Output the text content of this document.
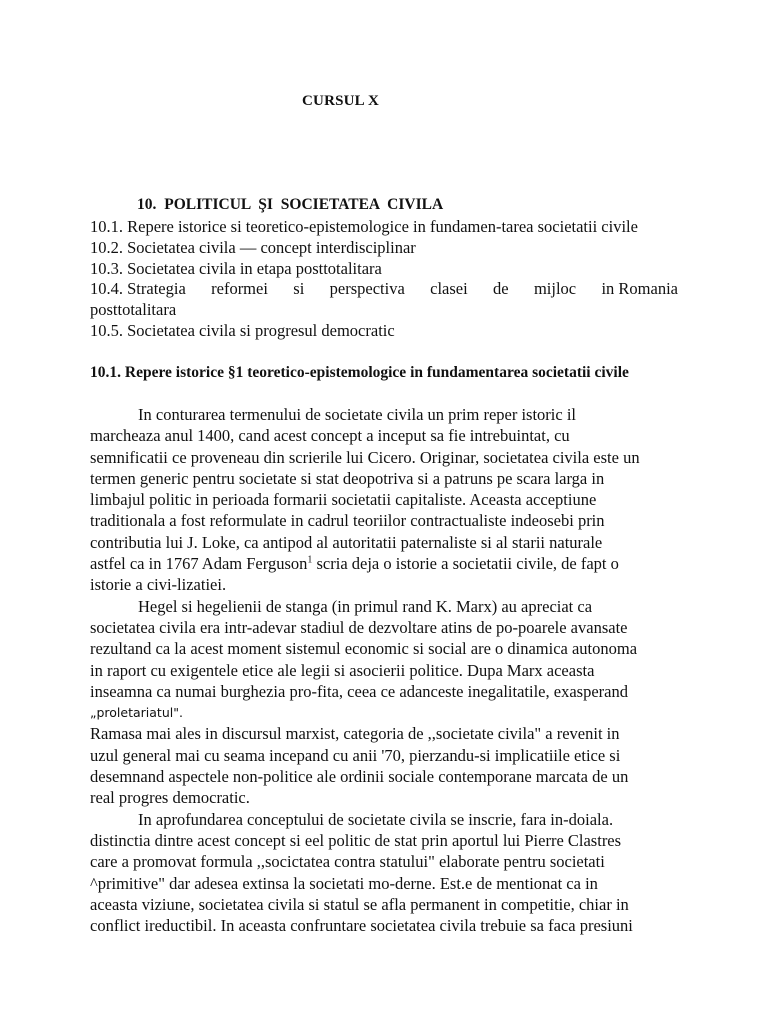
CURSUL X
10. POLITICUL ŞI SOCIETATEA CIVILA
10.1. Repere istorice si teoretico-epistemologice in fundamen-tarea societatii civile
10.2. Societatea civila — concept interdisciplinar
10.3. Societatea civila in etapa posttotalitara
10.4. Strategia reformei si perspectiva clasei de mijloc in Romania
posttotalitara
10.5. Societatea civila si progresul democratic
10.1. Repere istorice §1 teoretico-epistemologice in fundamentarea societatii civile
In conturarea termenului de societate civila un prim reper istoric il
marcheaza anul 1400, cand acest concept a inceput sa fie intrebuintat, cu
semnificatii ce proveneau din scrierile lui Cicero. Originar, societatea civila este un
termen generic pentru societate si stat deopotriva si a patruns pe scara larga in
limbajul politic in perioada formarii societatii capitaliste. Aceasta acceptiune
traditionala a fost reformulate in cadrul teoriilor contractualiste indeosebi prin
contributia lui J. Loke, ca antipod al autoritatii paternaliste si al starii naturale
astfel ca in 1767 Adam Ferguson$^1$ scria deja o istorie a societatii civile, de fapt o
istorie a civi-lizatiei.
Hegel si hegelienii de stanga (in primul rand K. Marx) au apreciat ca
societatea civila era intr-adevar stadiul de dezvoltare atins de po-poarele avansate
rezultand ca la acest moment sistemul economic si social are o dinamica autonoma
in raport cu exigentele etice ale legii si asocierii politice. Dupa Marx aceasta
inseamna ca numai burghezia pro-fita, ceea ce adanceste inegalitatile, exasperand
„proletariatul".
Ramasa mai ales in discursul marxist, categoria de ,,societate civila" a revenit in
uzul general mai cu seama incepand cu anii '70, pierzandu-si implicatiile etice si
desemnand aspectele non-politice ale ordinii sociale contemporane marcata de un
real progres democratic.
In aprofundarea conceptului de societate civila se inscrie, fara in-doiala.
distinctia dintre acest concept si eel politic de stat prin aportul lui Pierre Clastres
care a promovat formula ,,socictatea contra statului" elaborate pentru societati
^primitive" dar adesea extinsa la societati mo-derne. Est.e de mentionat ca in
aceasta viziune, societatea civila si statul se afla permanent in competitie, chiar in
conflict ireductibil. In aceasta confruntare societatea civila trebuie sa faca presiuni
